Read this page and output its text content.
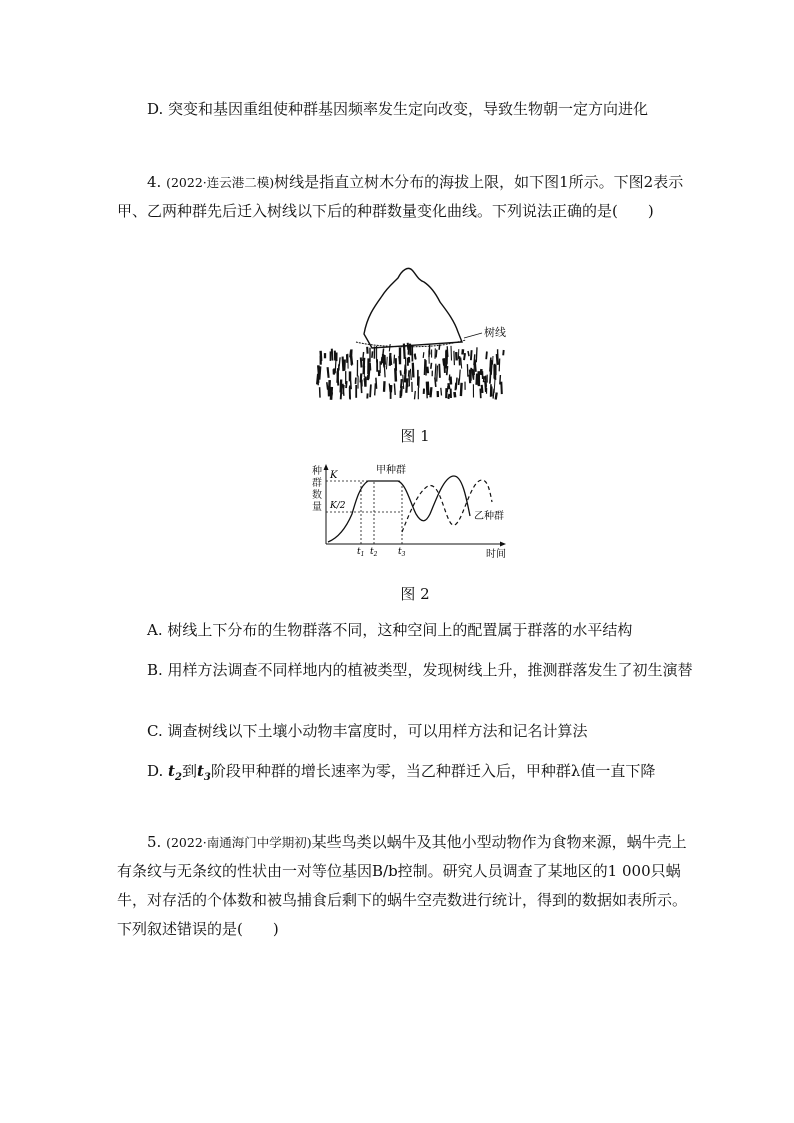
D. 突变和基因重组使种群基因频率发生定向改变，导致生物朝一定方向进化

4. (2022·连云港二模)树线是指直立树木分布的海拔上限，如下图1所示。下图2表示甲、乙两种群先后迁入树线以下后的种群数量变化曲线。下列说法正确的是(　　)

树线
图 1
种
群
数
量
K
K/2
甲种群
乙种群
$t_1$ $t_2$ $t_3$	时间
图 2

A. 树线上下分布的生物群落不同，这种空间上的配置属于群落的水平结构

B. 用样方法调查不同样地内的植被类型，发现树线上升，推测群落发生了初生演替

C. 调查树线以下土壤小动物丰富度时，可以用样方法和记名计算法

D. $t_2$到$t_3$阶段甲种群的增长速率为零，当乙种群迁入后，甲种群λ值一直下降

5. (2022·南通海门中学期初)某些鸟类以蜗牛及其他小型动物作为食物来源，蜗牛壳上有条纹与无条纹的性状由一对等位基因B/b控制。研究人员调查了某地区的1 000只蜗牛，对存活的个体数和被鸟捕食后剩下的蜗牛空壳数进行统计，得到的数据如表所示。下列叙述错误的是(　　)
